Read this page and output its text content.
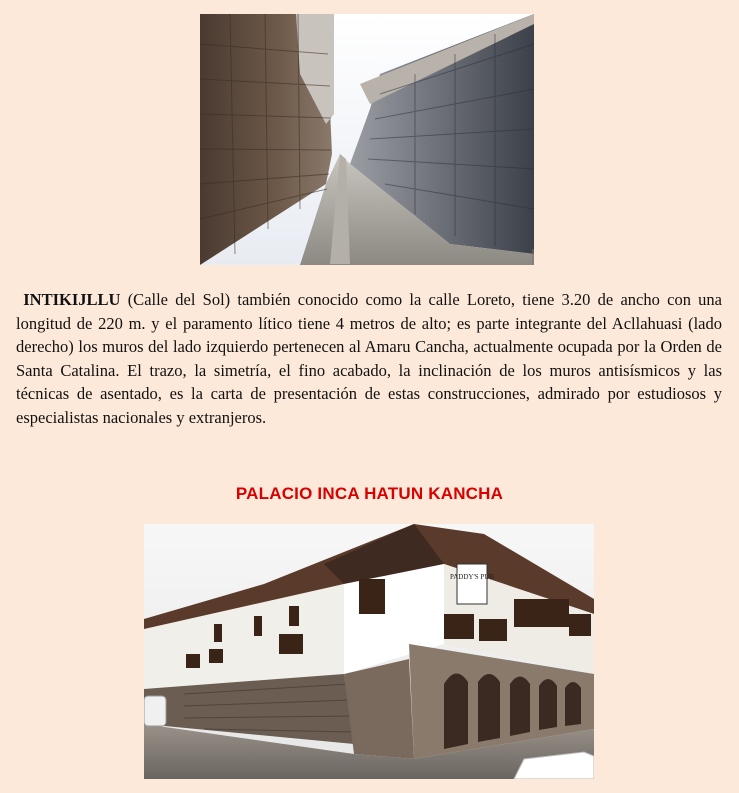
INTIKIJLLU (Calle del Sol) también conocido como la calle Loreto, tiene 3.20 de ancho con una longitud de 220 m. y el paramento lítico tiene 4 metros de alto; es parte integrante del Acllahuasi (lado derecho) los muros del lado izquierdo pertenecen al Amaru Cancha, actualmente ocupada por la Orden de Santa Catalina. El trazo, la simetría, el fino acabado, la inclinación de los muros antisísmicos y las técnicas de asentado, es la carta de presentación de estas construcciones, admirado por estudiosos y especialistas nacionales y extranjeros.
PALACIO INCA HATUN KANCHA
PADDY'S PUB
